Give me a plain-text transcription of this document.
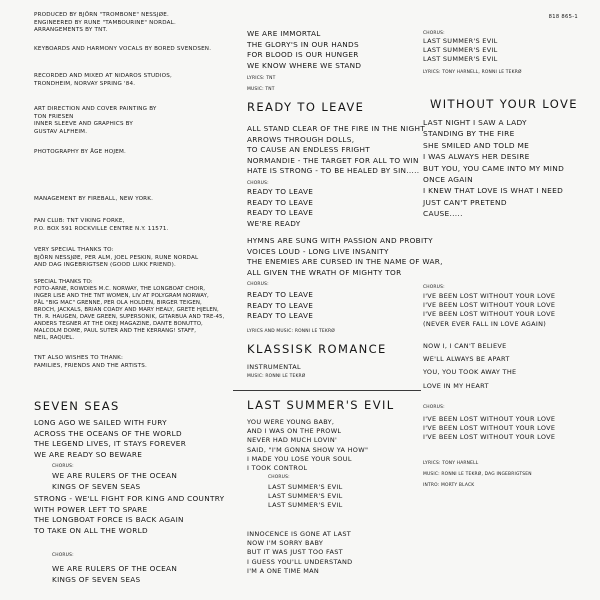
818 865-1
PRODUCED BY BJÖRN "TROMBONE" NESSJØE.
ENGINEERED BY RUNE "TAMBOURINE" NORDAL.
ARRANGEMENTS BY TNT.
KEYBOARDS AND HARMONY VOCALS BY BORED SVENDSEN.
RECORDED AND MIXED AT NIDAROS STUDIOS,
TRONDHEIM, NORVAY SPRING '84.
ART DIRECTION AND COVER PAINTING BY
TON FRIESEN
INNER SLEEVE AND GRAPHICS BY
GUSTAV ALFHEIM.
PHOTOGRAPHY BY ÅGE HOJEM.
MANAGEMENT BY FIREBALL, NEW YORK.
FAN CLUB: TNT VIKING FORKE,
P.O. BOX 591 ROCKVILLE CENTRE N.Y. 11571.
VERY SPECIAL THANKS TO:
BJÖRN NESSJØE, PER ALM, JOEL PESKIN, RUNE NORDAL
AND DAG INGEBRIGTSEN (GOOD LUKK FRIEND).
SPECIAL THANKS TO:
FOTO-ARNE, ROWDIES M.C. NORWAY, THE LONGBOAT CHOIR,
INGER LISE AND THE TNT WOMEN, LIV AT POLYGRAM NORWAY,
PÅL "BIG MAC" GRENNE, PER OLA HOLDEN, BIRGER TEIGEN,
BROCH, JACKALS, BRIAN COADY AND MARY HEALY, GRETE HJELEN,
TH. R. HAUGEN, DAVE GREEN, SUPERSONIK, GITARBUA AND TRE-45,
ANDERS TEGNER AT THE OKEJ MAGAZINE, DANTE BONUTTO,
MALCOLM DOME, PAUL SUTER AND THE KERRANG! STAFF,
NEIL, RAQUEL.
TNT ALSO WISHES TO THANK:
FAMILIES, FRIENDS AND THE ARTISTS.
SEVEN SEAS
LONG AGO WE SAILED WITH FURY
ACROSS THE OCEANS OF THE WORLD
THE LEGEND LIVES, IT STAYS FOREVER
WE ARE READY SO BEWARE
CHORUS:
WE ARE RULERS OF THE OCEAN
KINGS OF SEVEN SEAS
STRONG - WE'LL FIGHT FOR KING AND COUNTRY
WITH POWER LEFT TO SPARE
THE LONGBOAT FORCE IS BACK AGAIN
TO TAKE ON ALL THE WORLD
CHORUS:
WE ARE RULERS OF THE OCEAN
KINGS OF SEVEN SEAS
WE ARE IMMORTAL
THE GLORY'S IN OUR HANDS
FOR BLOOD IS OUR HUNGER
WE KNOW WHERE WE STAND
LYRICS: TNT
MUSIC: TNT
READY TO LEAVE
ALL STAND CLEAR OF THE FIRE IN THE NIGHT
ARROWS THROUGH DOLLS,
TO CAUSE AN ENDLESS FRIGHT
NORMANDIE - THE TARGET FOR ALL TO WIN
HATE IS STRONG - TO BE HEALED BY SIN.....
CHORUS:
READY TO LEAVE
READY TO LEAVE
READY TO LEAVE
WE'RE READY
HYMNS ARE SUNG WITH PASSION AND PROBITY
VOICES LOUD - LONG LIVE INSANITY
THE ENEMIES ARE CURSED IN THE NAME OF WAR,
ALL GIVEN THE WRATH OF MIGHTY TOR
CHORUS:
READY TO LEAVE
READY TO LEAVE
READY TO LEAVE
LYRICS AND MUSIC: RONNI LE TEKRØ
KLASSISK ROMANCE
INSTRUMENTAL
MUSIC: RONNI LE TEKRØ
LAST SUMMER'S EVIL
YOU WERE YOUNG BABY,
AND I WAS ON THE PROWL
NEVER HAD MUCH LOVIN'
SAID, "I'M GONNA SHOW YA HOW"
I MADE YOU LOSE YOUR SOUL
I TOOK CONTROL
CHORUS:
LAST SUMMER'S EVIL
LAST SUMMER'S EVIL
LAST SUMMER'S EVIL
INNOCENCE IS GONE AT LAST
NOW I'M SORRY BABY
BUT IT WAS JUST TOO FAST
I GUESS YOU'LL UNDERSTAND
I'M A ONE TIME MAN
CHORUS:
LAST SUMMER'S EVIL
LAST SUMMER'S EVIL
LAST SUMMER'S EVIL
LYRICS: TONY HARNELL, RONNI LE TEKRØ
WITHOUT YOUR LOVE
LAST NIGHT I SAW A LADY
STANDING BY THE FIRE
SHE SMILED AND TOLD ME
I WAS ALWAYS HER DESIRE
BUT YOU, YOU CAME INTO MY MIND
ONCE AGAIN
I KNEW THAT LOVE IS WHAT I NEED
JUST CAN'T PRETEND
CAUSE.....
CHORUS:
I'VE BEEN LOST WITHOUT YOUR LOVE
I'VE BEEN LOST WITHOUT YOUR LOVE
I'VE BEEN LOST WITHOUT YOUR LOVE
(NEVER EVER FALL IN LOVE AGAIN)
NOW I, I CAN'T BELIEVE
WE'LL ALWAYS BE APART
YOU, YOU TOOK AWAY THE
LOVE IN MY HEART
CHORUS:
I'VE BEEN LOST WITHOUT YOUR LOVE
I'VE BEEN LOST WITHOUT YOUR LOVE
I'VE BEEN LOST WITHOUT YOUR LOVE
LYRICS: TONY HARNELL
MUSIC: RONNI LE TEKRØ, DAG INGEBRIGTSEN
INTRO: MORTY BLACK
